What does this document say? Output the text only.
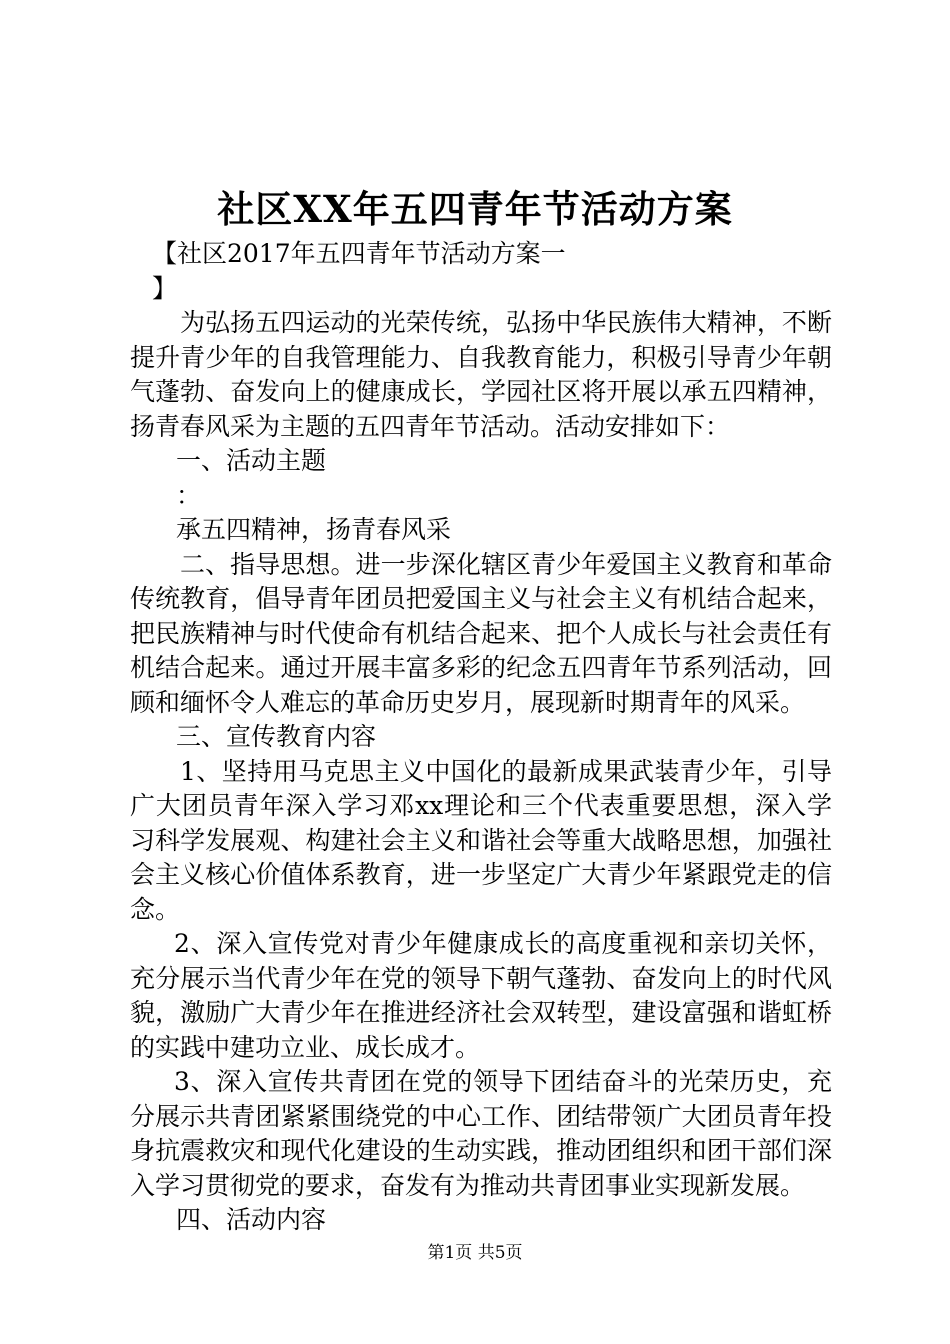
社区XX年五四青年节活动方案

【社区2017年五四青年节活动方案一

】

为弘扬五四运动的光荣传统，弘扬中华民族伟大精神，不断提升青少年的自我管理能力、自我教育能力，积极引导青少年朝气蓬勃、奋发向上的健康成长，学园社区将开展以承五四精神，扬青春风采为主题的五四青年节活动。活动安排如下：

一、活动主题

：

承五四精神，扬青春风采

二、指导思想。进一步深化辖区青少年爱国主义教育和革命传统教育，倡导青年团员把爱国主义与社会主义有机结合起来，把民族精神与时代使命有机结合起来、把个人成长与社会责任有机结合起来。通过开展丰富多彩的纪念五四青年节系列活动，回顾和缅怀令人难忘的革命历史岁月，展现新时期青年的风采。

三、宣传教育内容

1、坚持用马克思主义中国化的最新成果武装青少年，引导广大团员青年深入学习邓xx理论和三个代表重要思想，深入学习科学发展观、构建社会主义和谐社会等重大战略思想，加强社会主义核心价值体系教育，进一步坚定广大青少年紧跟党走的信念。

2、深入宣传党对青少年健康成长的高度重视和亲切关怀，充分展示当代青少年在党的领导下朝气蓬勃、奋发向上的时代风貌，激励广大青少年在推进经济社会双转型，建设富强和谐虹桥的实践中建功立业、成长成才。

3、深入宣传共青团在党的领导下团结奋斗的光荣历史，充分展示共青团紧紧围绕党的中心工作、团结带领广大团员青年投身抗震救灾和现代化建设的生动实践，推动团组织和团干部们深入学习贯彻党的要求，奋发有为推动共青团事业实现新发展。

四、活动内容

第1页 共5页
